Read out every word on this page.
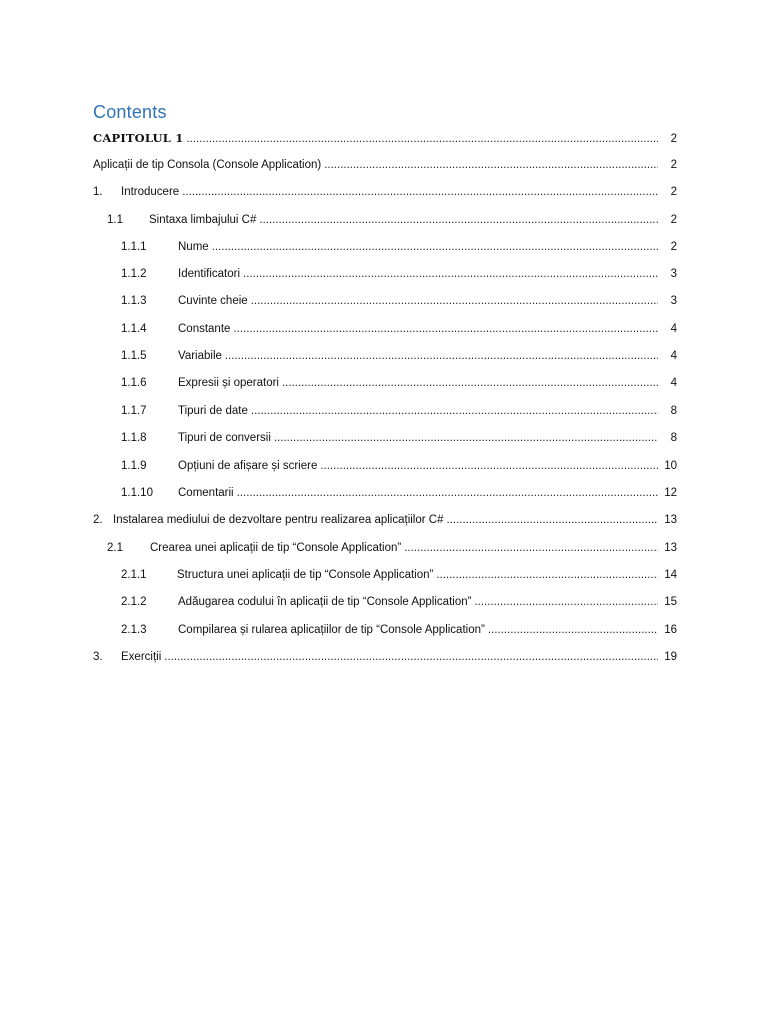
Contents
CAPITOLUL 1 .....	2
Aplicații de tip Consola (Console Application) .....	2
1.	Introducere .....	2
1.1	Sintaxa limbajului C# .....	2
1.1.1	Nume .....	2
1.1.2	Identificatori .....	3
1.1.3	Cuvinte cheie .....	3
1.1.4	Constante .....	4
1.1.5	Variabile .....	4
1.1.6	Expresii și operatori .....	4
1.1.7	Tipuri de date .....	8
1.1.8	Tipuri de conversii .....	8
1.1.9	Opțiuni de afișare și scriere .....	10
1.1.10	Comentarii .....	12
2. Instalarea mediului de dezvoltare pentru realizarea aplicațiilor C# .....	13
2.1	Crearea unei aplicații de tip “Console Application” .....	13
2.1.1	Structura unei aplicații de tip “Console Application” .....	14
2.1.2	Adăugarea codului în aplicații de tip “Console Application” .....	15
2.1.3	Compilarea și rularea aplicațiilor de tip “Console Application” .....	16
3.	Exerciții .....	19
